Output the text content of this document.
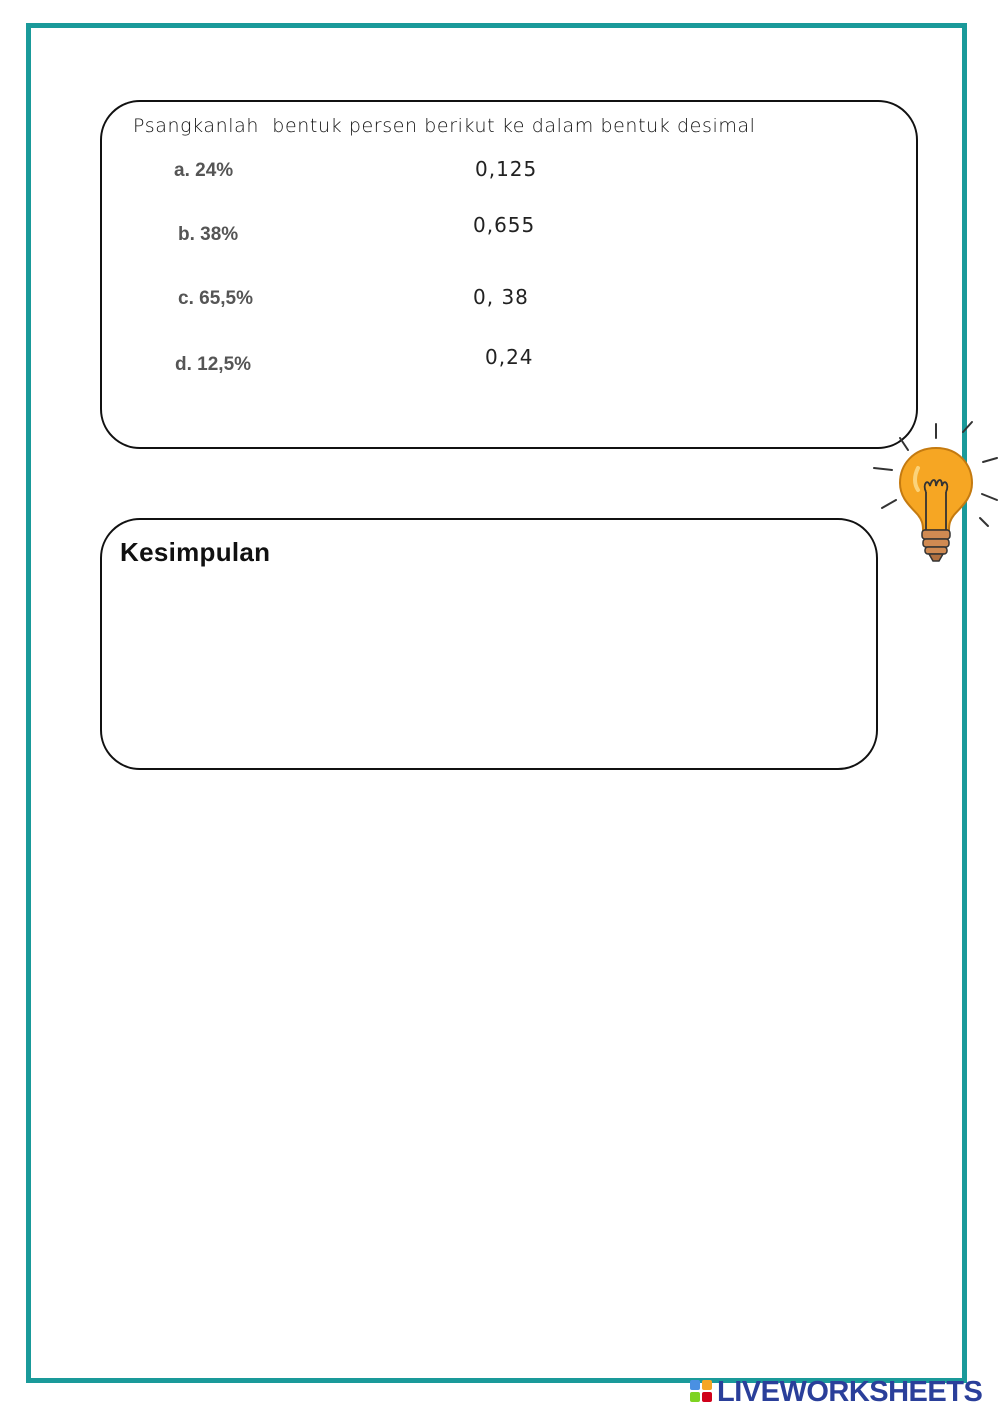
Psangkanlah  bentuk persen berikut ke dalam bentuk desimal
a. 24%
b. 38%
c. 65,5%
d. 12,5%
0,125
0,655
0, 38
0,24
Kesimpulan
LIVEWORKSHEETS
